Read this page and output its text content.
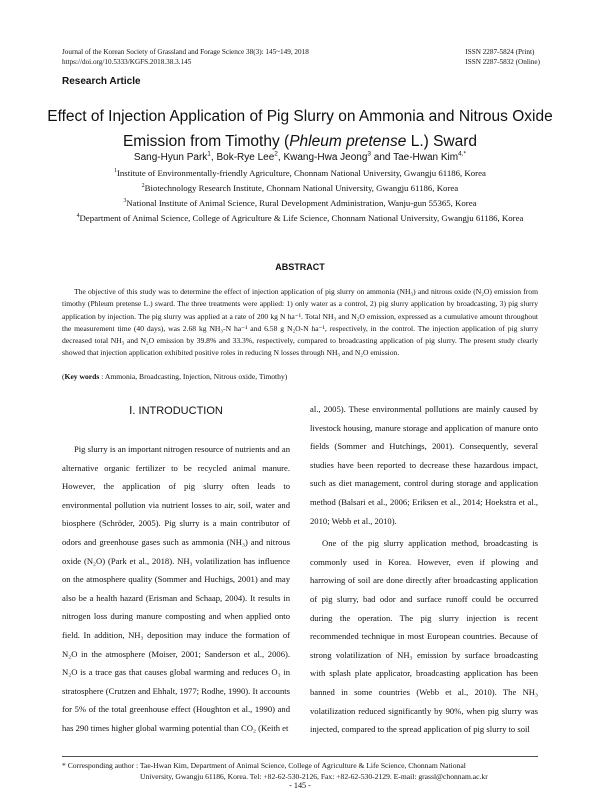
Journal of the Korean Society of Grassland and Forage Science 38(3): 145~149, 2018
https://doi.org/10.5333/KGFS.2018.38.3.145
ISSN 2287-5824 (Print)
ISSN 2287-5832 (Online)
Research Article
Effect of Injection Application of Pig Slurry on Ammonia and Nitrous Oxide
Emission from Timothy (Phleum pretense L.) Sward
Sang-Hyun Park$^1$, Bok-Rye Lee$^2$, Kwang-Hwa Jeong$^3$ and Tae-Hwan Kim$^{4,*}$
$^1$Institute of Environmentally-friendly Agriculture, Chonnam National University, Gwangju 61186, Korea
$^2$Biotechnology Research Institute, Chonnam National University, Gwangju 61186, Korea
$^3$National Institute of Animal Science, Rural Development Administration, Wanju-gun 55365, Korea
$^4$Department of Animal Science, College of Agriculture & Life Science, Chonnam National University, Gwangju 61186, Korea
ABSTRACT
The objective of this study was to determine the effect of injection application of pig slurry on ammonia (NH₃) and nitrous oxide (N₂O) emission from timothy (Phleum pretense L.) sward. The three treatments were applied: 1) only water as a control, 2) pig slurry application by broadcasting, 3) pig slurry application by injection. The pig slurry was applied at a rate of 200 kg N ha⁻¹. Total NH₃ and N₂O emission, expressed as a cumulative amount throughout the measurement time (40 days), was 2.68 kg NH₃-N ha⁻¹ and 6.58 g N₂O-N ha⁻¹, respectively, in the control. The injection application of pig slurry decreased total NH₃ and N₂O emission by 39.8% and 33.3%, respectively, compared to broadcasting application of pig slurry. The present study clearly showed that injection application exhibited positive roles in reducing N losses through NH₃ and N₂O emission.
(Key words : Ammonia, Broadcasting, Injection, Nitrous oxide, Timothy)
Ⅰ. INTRODUCTION

Pig slurry is an important nitrogen resource of nutrients and an alternative organic fertilizer to be recycled animal manure. However, the application of pig slurry often leads to environmental pollution via nutrient losses to air, soil, water and biosphere (Schröder, 2005). Pig slurry is a main contributor of odors and greenhouse gases such as ammonia (NH₃) and nitrous oxide (N₂O) (Park et al., 2018). NH₃ volatilization has influence on the atmosphere quality (Sommer and Huchigs, 2001) and may also be a health hazard (Erisman and Schaap, 2004). It results in nitrogen loss during manure composting and when applied onto field. In addition, NH₃ deposition may induce the formation of N₂O in the atmosphere (Moiser, 2001; Sanderson et al., 2006). N₂O is a trace gas that causes global warming and reduces O₃ in stratosphere (Crutzen and Ehhalt, 1977; Rodhe, 1990). It accounts for 5% of the total greenhouse effect (Houghton et al., 1990) and has 290 times higher global warming potential than CO₂ (Keith et

al., 2005). These environmental pollutions are mainly caused by livestock housing, manure storage and application of manure onto fields (Sommer and Hutchings, 2001). Consequently, several studies have been reported to decrease these hazardous impact, such as diet management, control during storage and application method (Balsari et al., 2006; Eriksen et al., 2014; Hoekstra et al., 2010; Webb et al., 2010).

One of the pig slurry application method, broadcasting is commonly used in Korea. However, even if plowing and harrowing of soil are done directly after broadcasting application of pig slurry, bad odor and surface runoff could be occurred during the operation. The pig slurry injection is recent recommended technique in most European countries. Because of strong volatilization of NH₃ emission by surface broadcasting with splash plate applicator, broadcasting application has been banned in some countries (Webb et al., 2010). The NH₃ volatilization reduced significantly by 90%, when pig slurry was injected, compared to the spread application of pig slurry to soil

* Corresponding author : Tae-Hwan Kim, Department of Animal Science, College of Agriculture & Life Science, Chonnam National
University, Gwangju 61186, Korea. Tel: +82-62-530-2126, Fax: +82-62-530-2129. E-mail: grassl@chonnam.ac.kr
- 145 -
